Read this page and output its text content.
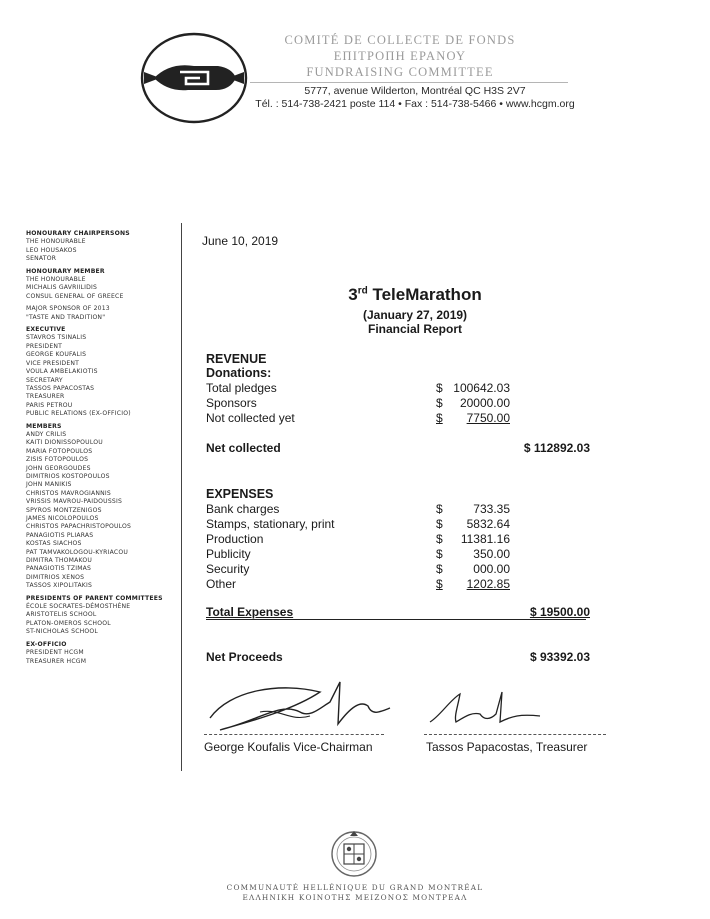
COMITÉ DE COLLECTE DE FONDS
ΕΠΙΤΡΟΠΗ ΕΡΑΝΟΥ
FUNDRAISING COMMITTEE
5777, avenue Wilderton, Montréal QC H3S 2V7
Tél. : 514-738-2421 poste 114 • Fax : 514-738-5466 • www.hcgm.org
HONOURARY CHAIRPERSONS
THE HONOURABLE
LEO HOUSAKOS
SENATOR
HONOURARY MEMBER
THE HONOURABLE
MICHALIS GAVRIILIDIS
CONSUL GENERAL OF GREECE
MAJOR SPONSOR OF 2013
"TASTE AND TRADITION"
EXECUTIVE
STAVROS TSINALIS
PRESIDENT
GEORGE KOUFALIS
VICE PRESIDENT
VOULA AMBELAKIOTIS
SECRETARY
TASSOS PAPACOSTAS
TREASURER
PARIS PETROU
PUBLIC RELATIONS (EX-OFFICIO)
MEMBERS
ANDY CRILIS
KAITI DIONISSOPOULOU
MARIA FOTOPOULOS
ZISIS FOTOPOULOS
JOHN GEORGOUDES
DIMITRIOS KOSTOPOULOS
JOHN MANIKIS
CHRISTOS MAVROGIANNIS
VRISSIS MAVROU-PAIDOUSSIS
SPYROS MONTZENIGOS
JAMES NICOLOPOULOS
CHRISTOS PAPACHRISTOPOULOS
PANAGIOTIS PLIARAS
KOSTAS SIACHOS
PAT TAMVAKOLOGOU-KYRIACOU
DIMITRA THOMAKOU
PANAGIOTIS TZIMAS
DIMITRIOS XENOS
TASSOS XIPOLITAKIS
PRESIDENTS OF PARENT COMMITTEES
ÉCOLE SOCRATES-DÉMOSTHÈNE
ARISTOTELIS SCHOOL
PLATON-OMEROS SCHOOL
ST-NICHOLAS SCHOOL
EX-OFFICIO
PRESIDENT HCGM
TREASURER HCGM
June 10, 2019
3rd TeleMarathon
(January 27, 2019)
Financial Report
REVENUE
Donations:
Total pledges	$ 100642.03
Sponsors	$	20000.00
Not collected yet	$	7750.00
Net collected	$ 112892.03
EXPENSES
Bank charges	$	733.35
Stamps, stationary, print	$	5832.64
Production	$	11381.16
Publicity	$	350.00
Security	$	000.00
Other	$	1202.85
Total Expenses	$ 19500.00
Net Proceeds	$ 93392.03
George Koufalis Vice-Chairman	Tassos Papacostas, Treasurer
COMMUNAUTÉ HELLÉNIQUE DU GRAND MONTRÉAL
ΕΛΛΗΝΙΚΗ ΚΟΙΝΟΤΗΣ ΜΕΙΖΟΝΟΣ ΜΟΝΤΡΕΑΛ
